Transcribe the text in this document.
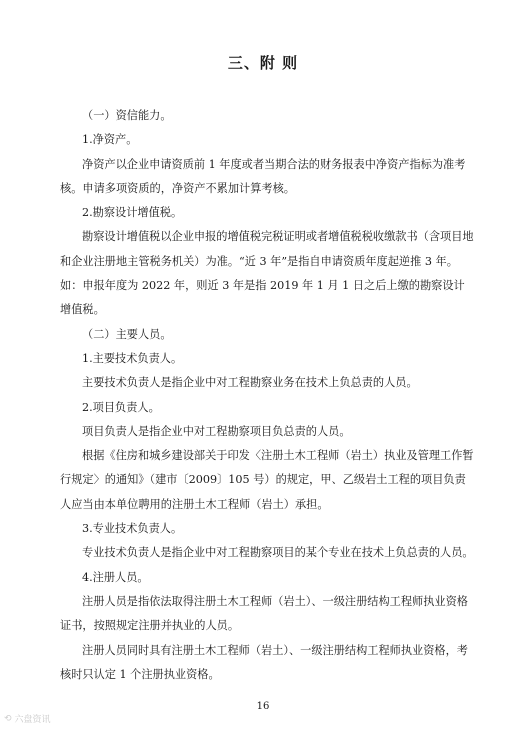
三、附 则

（一）资信能力。

1.净资产。

净资产以企业申请资质前 1 年度或者当期合法的财务报表中净资产指标为准考核。申请多项资质的，净资产不累加计算考核。

2.勘察设计增值税。

勘察设计增值税以企业申报的增值税完税证明或者增值税税收缴款书（含项目地和企业注册地主管税务机关）为准。“近 3 年”是指自申请资质年度起逆推 3 年。如：申报年度为 2022 年，则近 3 年是指 2019 年 1 月 1 日之后上缴的勘察设计增值税。

（二）主要人员。

1.主要技术负责人。

主要技术负责人是指企业中对工程勘察业务在技术上负总责的人员。

2.项目负责人。

项目负责人是指企业中对工程勘察项目负总责的人员。

根据《住房和城乡建设部关于印发〈注册土木工程师（岩土）执业及管理工作暂行规定〉的通知》（建市〔2009〕105 号）的规定，甲、乙级岩土工程的项目负责人应当由本单位聘用的注册土木工程师（岩土）承担。

3.专业技术负责人。

专业技术负责人是指企业中对工程勘察项目的某个专业在技术上负总责的人员。

4.注册人员。

注册人员是指依法取得注册土木工程师（岩土）、一级注册结构工程师执业资格证书，按照规定注册并执业的人员。

注册人员同时具有注册土木工程师（岩土）、一级注册结构工程师执业资格，考核时只认定 1 个注册执业资格。

16
⟲ 六盘资讯
